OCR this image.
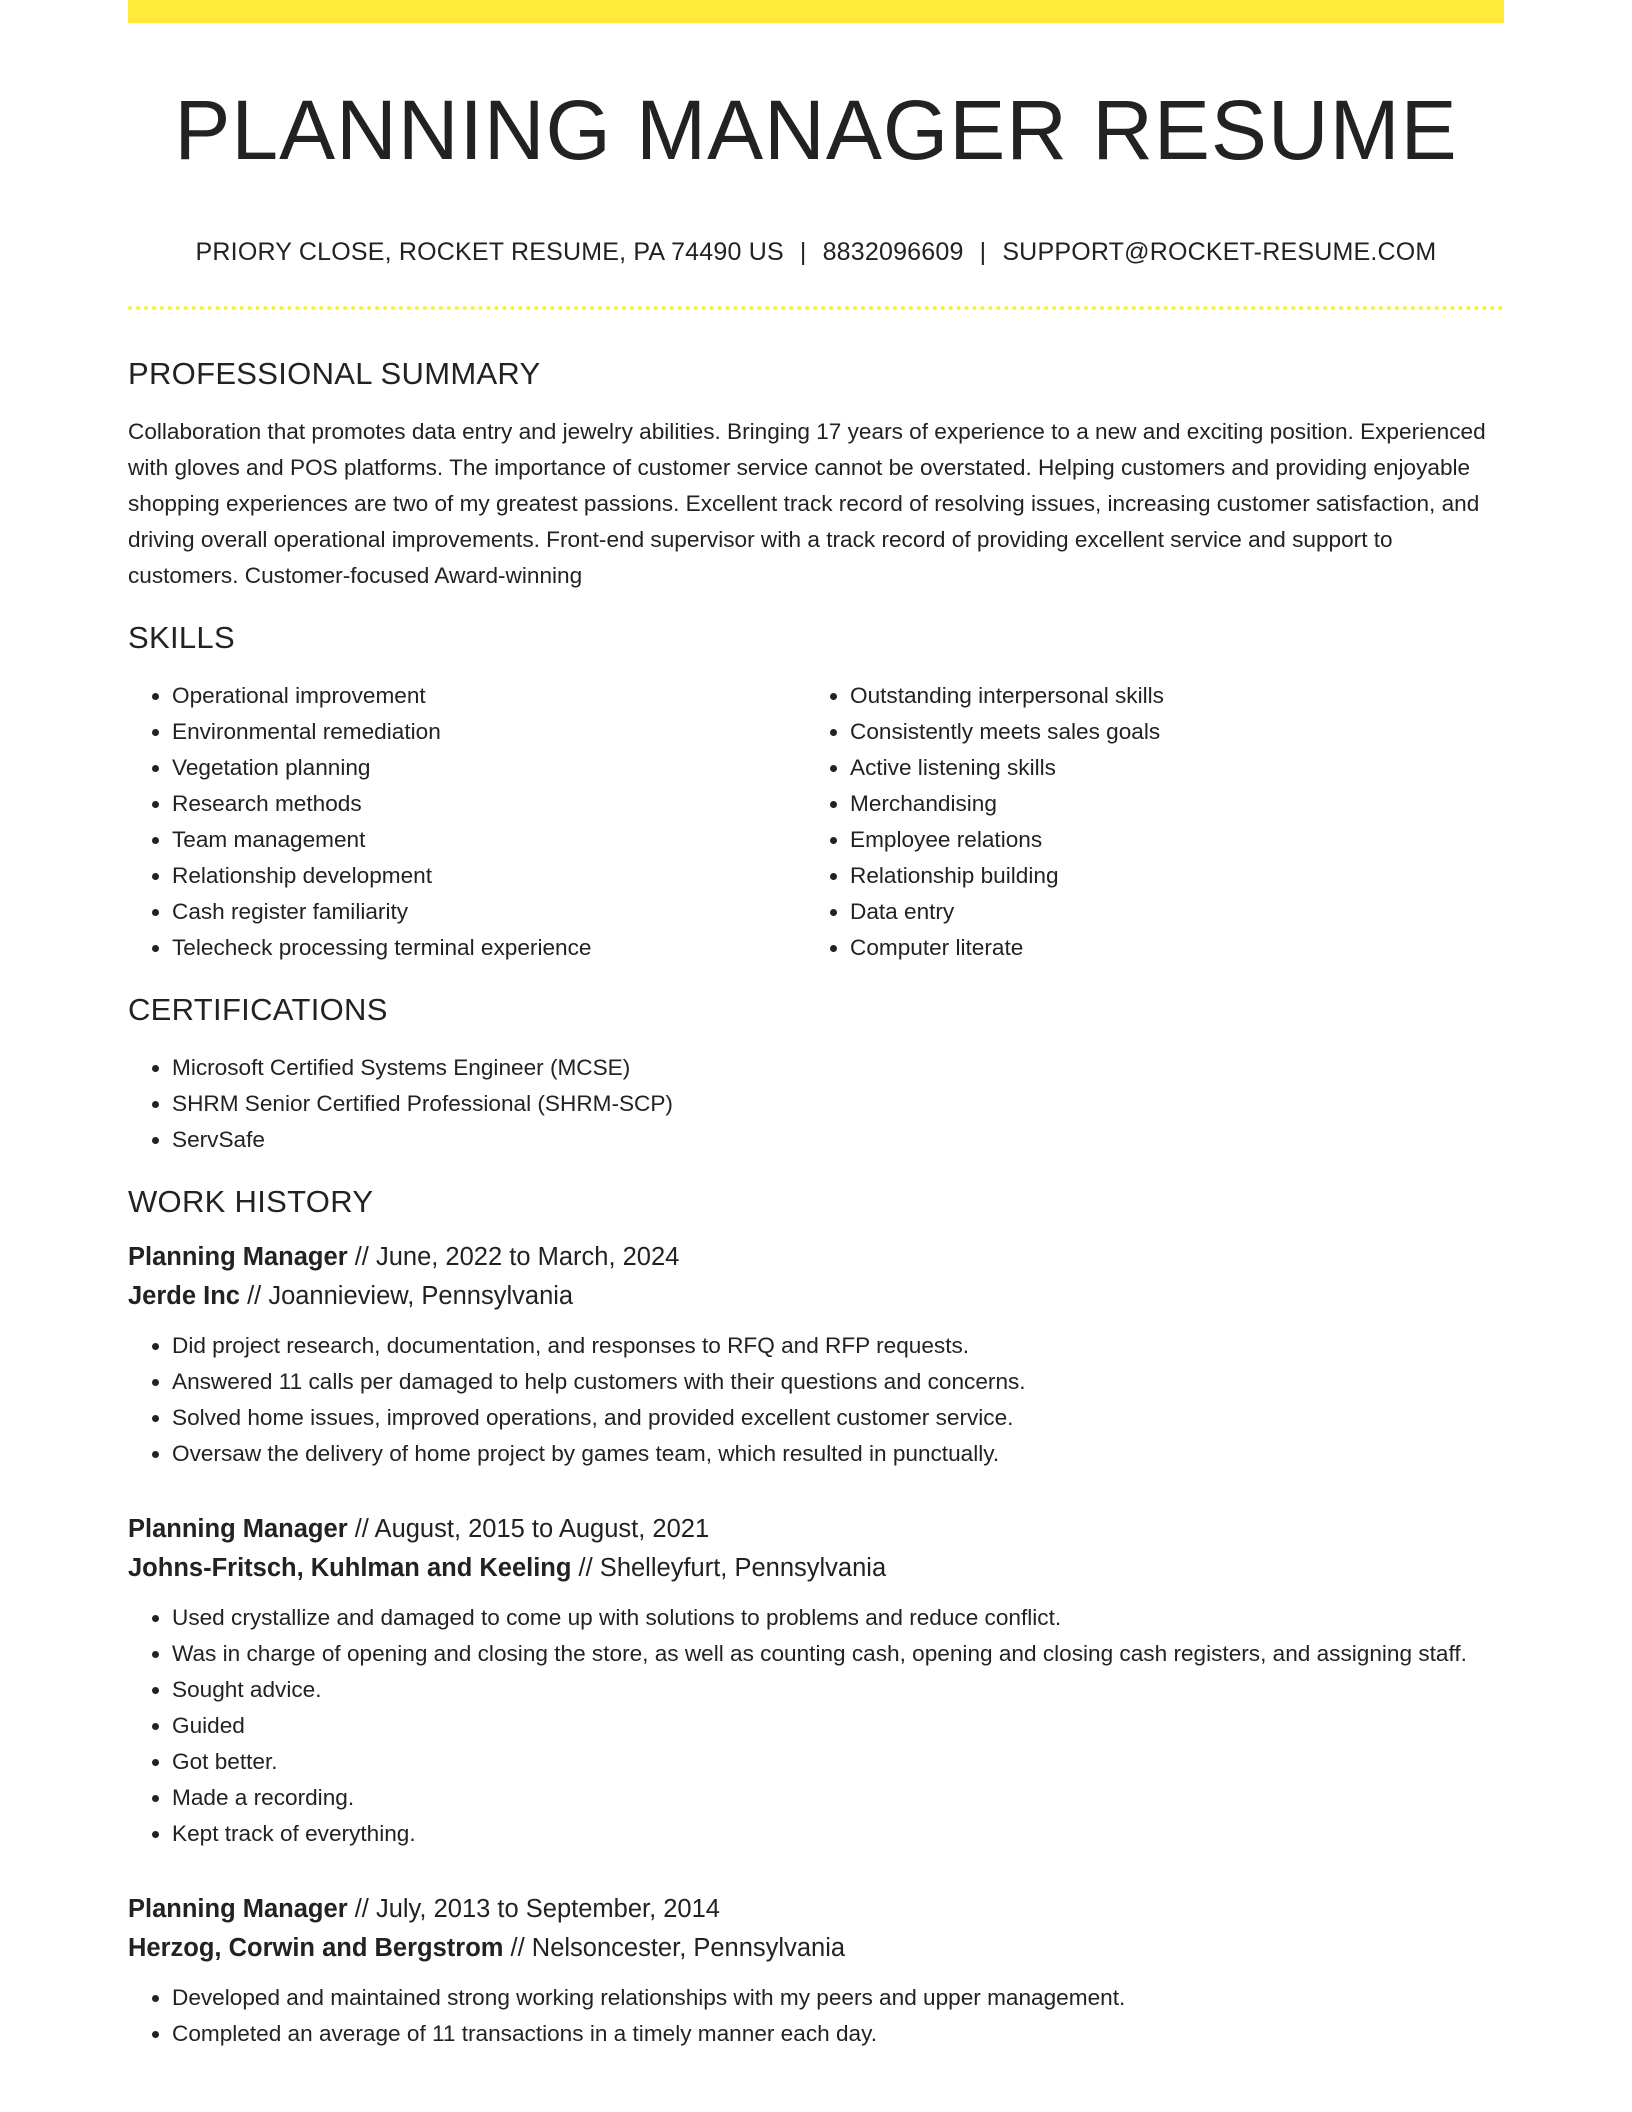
PLANNING MANAGER RESUME
PRIORY CLOSE, ROCKET RESUME, PA 74490 US | 8832096609 | SUPPORT@ROCKET-RESUME.COM
PROFESSIONAL SUMMARY

Collaboration that promotes data entry and jewelry abilities. Bringing 17 years of experience to a new and exciting position. Experienced with gloves and POS platforms. The importance of customer service cannot be overstated. Helping customers and providing enjoyable shopping experiences are two of my greatest passions. Excellent track record of resolving issues, increasing customer satisfaction, and driving overall operational improvements. Front-end supervisor with a track record of providing excellent service and support to customers. Customer-focused Award-winning

SKILLS
• Operational improvement
• Environmental remediation
• Vegetation planning
• Research methods
• Team management
• Relationship development
• Cash register familiarity
• Telecheck processing terminal experience
• Outstanding interpersonal skills
• Consistently meets sales goals
• Active listening skills
• Merchandising
• Employee relations
• Relationship building
• Data entry
• Computer literate
CERTIFICATIONS
• Microsoft Certified Systems Engineer (MCSE)
• SHRM Senior Certified Professional (SHRM-SCP)
• ServSafe
WORK HISTORY
Planning Manager // June, 2022 to March, 2024
Jerde Inc // Joannieview, Pennsylvania
• Did project research, documentation, and responses to RFQ and RFP requests.
• Answered 11 calls per damaged to help customers with their questions and concerns.
• Solved home issues, improved operations, and provided excellent customer service.
• Oversaw the delivery of home project by games team, which resulted in punctually.
Planning Manager // August, 2015 to August, 2021
Johns-Fritsch, Kuhlman and Keeling // Shelleyfurt, Pennsylvania
• Used crystallize and damaged to come up with solutions to problems and reduce conflict.
• Was in charge of opening and closing the store, as well as counting cash, opening and closing cash registers, and assigning staff.
• Sought advice.
• Guided
• Got better.
• Made a recording.
• Kept track of everything.
Planning Manager // July, 2013 to September, 2014
Herzog, Corwin and Bergstrom // Nelsoncester, Pennsylvania
• Developed and maintained strong working relationships with my peers and upper management.
• Completed an average of 11 transactions in a timely manner each day.
